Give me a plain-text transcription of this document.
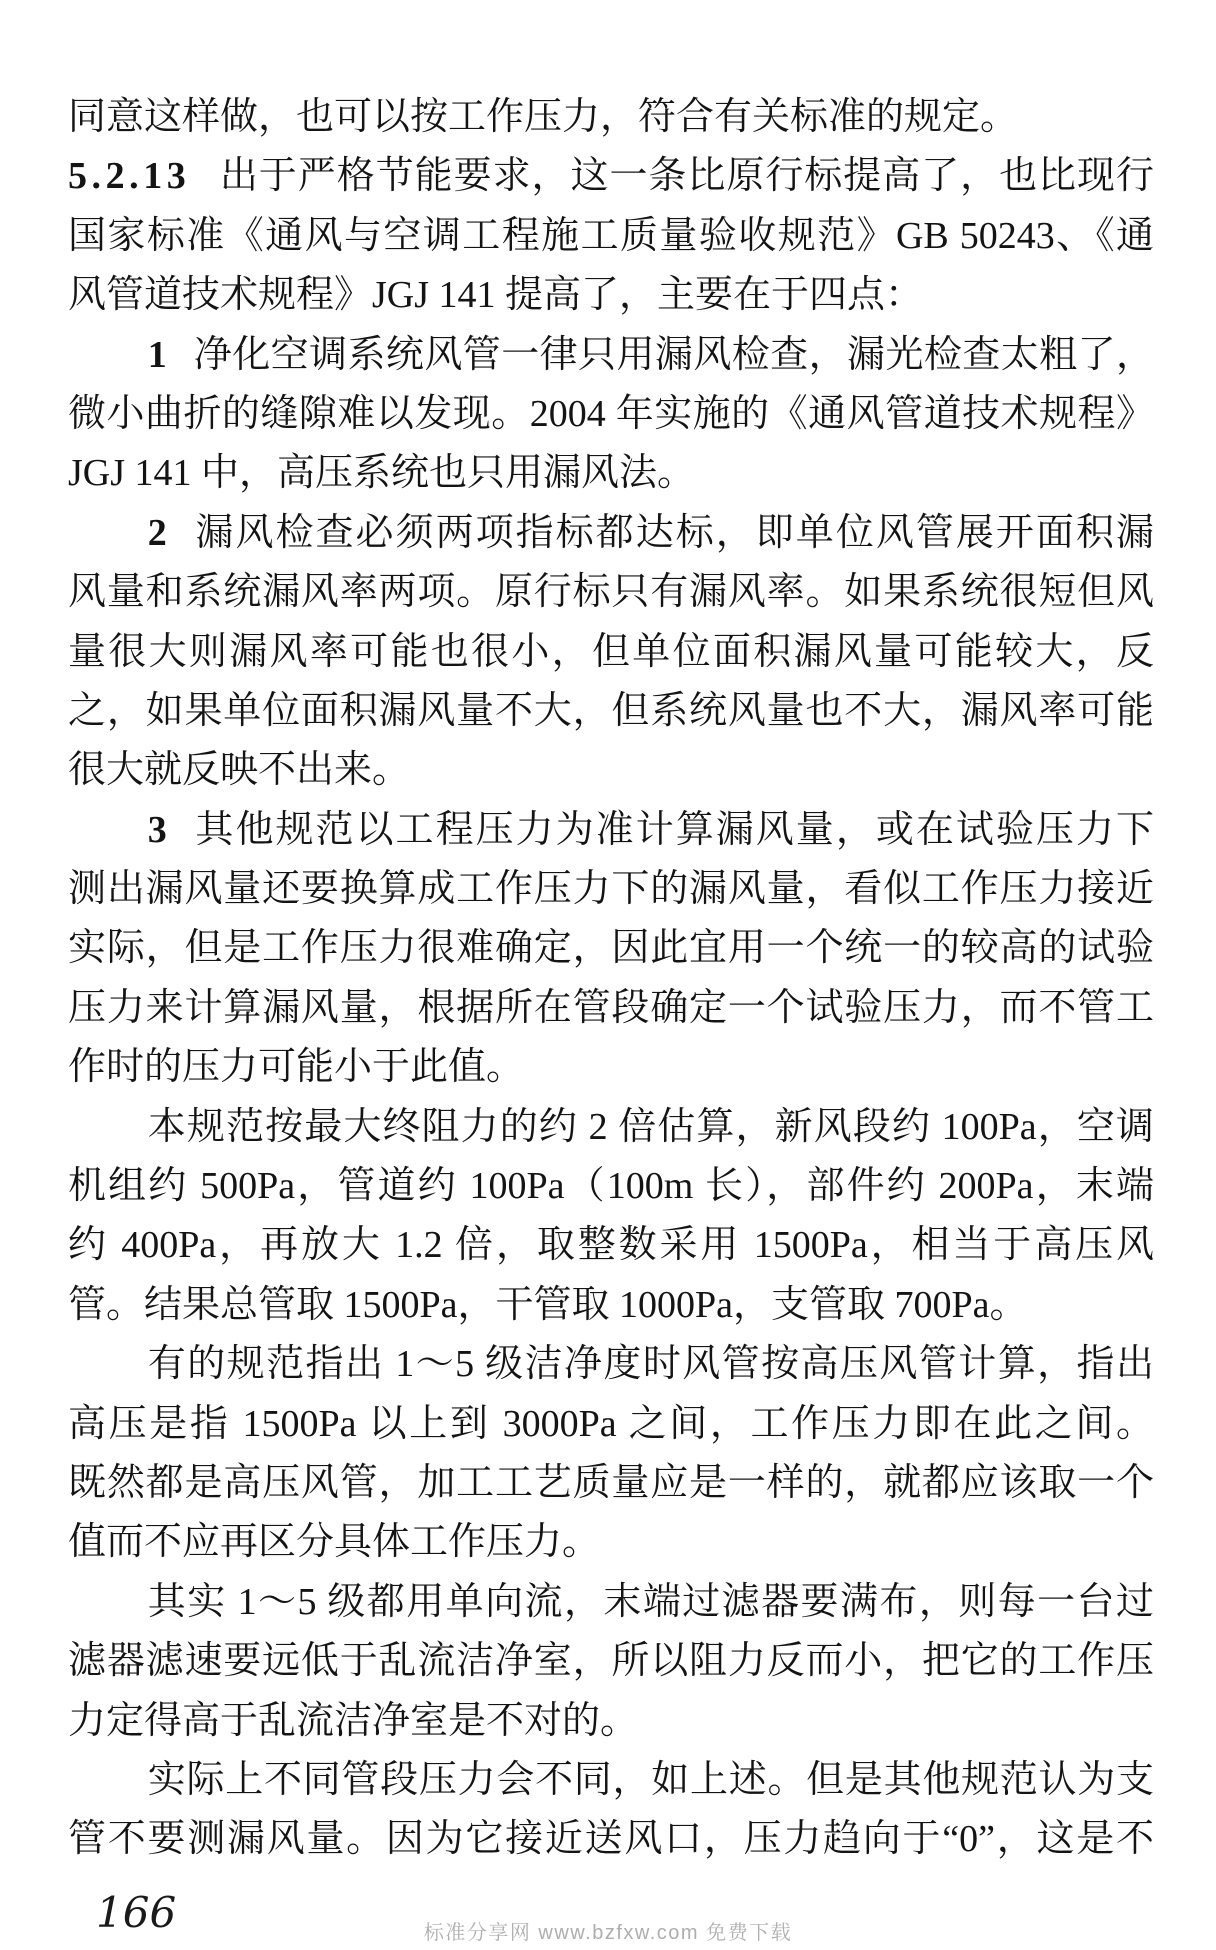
同意这样做，也可以按工作压力，符合有关标准的规定。
5.2.13 出于严格节能要求，这一条比原行标提高了，也比现行
国家标准《通风与空调工程施工质量验收规范》GB 50243、《通
风管道技术规程》JGJ 141 提高了，主要在于四点：
1 净化空调系统风管一律只用漏风检查，漏光检查太粗了，
微小曲折的缝隙难以发现。2004 年实施的《通风管道技术规程》
JGJ 141 中，高压系统也只用漏风法。
2 漏风检查必须两项指标都达标，即单位风管展开面积漏
风量和系统漏风率两项。原行标只有漏风率。如果系统很短但风
量很大则漏风率可能也很小，但单位面积漏风量可能较大，反
之，如果单位面积漏风量不大，但系统风量也不大，漏风率可能
很大就反映不出来。
3 其他规范以工程压力为准计算漏风量，或在试验压力下
测出漏风量还要换算成工作压力下的漏风量，看似工作压力接近
实际，但是工作压力很难确定，因此宜用一个统一的较高的试验
压力来计算漏风量，根据所在管段确定一个试验压力，而不管工
作时的压力可能小于此值。
本规范按最大终阻力的约 2 倍估算，新风段约 100Pa，空调
机组约 500Pa，管道约 100Pa（100m 长），部件约 200Pa，末端
约 400Pa，再放大 1.2 倍，取整数采用 1500Pa，相当于高压风
管。结果总管取 1500Pa，干管取 1000Pa，支管取 700Pa。
有的规范指出 1～5 级洁净度时风管按高压风管计算，指出
高压是指 1500Pa 以上到 3000Pa 之间，工作压力即在此之间。
既然都是高压风管，加工工艺质量应是一样的，就都应该取一个
值而不应再区分具体工作压力。
其实 1～5 级都用单向流，末端过滤器要满布，则每一台过
滤器滤速要远低于乱流洁净室，所以阻力反而小，把它的工作压
力定得高于乱流洁净室是不对的。
实际上不同管段压力会不同，如上述。但是其他规范认为支
管不要测漏风量。因为它接近送风口，压力趋向于“0”，这是不
166	标准分享网 www.bzfxw.com 免费下载
